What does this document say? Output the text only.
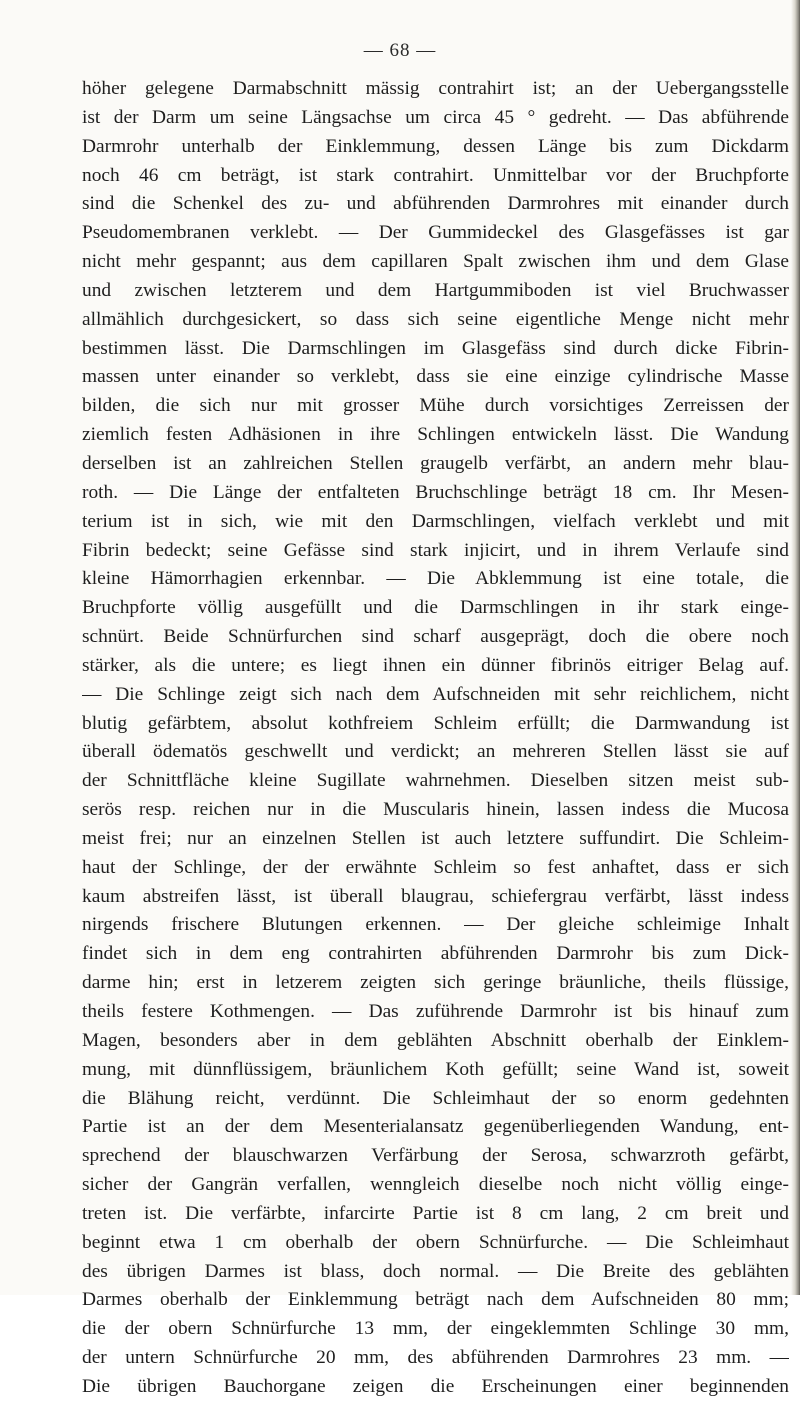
— 68 —
höher gelegene Darmabschnitt mässig contrahirt ist; an der Uebergangsstelle
ist der Darm um seine Längsachse um circa 45 ° gedreht. — Das abführende
Darmrohr unterhalb der Einklemmung, dessen Länge bis zum Dickdarm
noch 46 cm beträgt, ist stark contrahirt. Unmittelbar vor der Bruchpforte
sind die Schenkel des zu- und abführenden Darmrohres mit einander durch
Pseudomembranen verklebt. — Der Gummideckel des Glasgefässes ist gar
nicht mehr gespannt; aus dem capillaren Spalt zwischen ihm und dem Glase
und zwischen letzterem und dem Hartgummiboden ist viel Bruchwasser
allmählich durchgesickert, so dass sich seine eigentliche Menge nicht mehr
bestimmen lässt. Die Darmschlingen im Glasgefäss sind durch dicke Fibrin-
massen unter einander so verklebt, dass sie eine einzige cylindrische Masse
bilden, die sich nur mit grosser Mühe durch vorsichtiges Zerreissen der
ziemlich festen Adhäsionen in ihre Schlingen entwickeln lässt. Die Wandung
derselben ist an zahlreichen Stellen graugelb verfärbt, an andern mehr blau-
roth. — Die Länge der entfalteten Bruchschlinge beträgt 18 cm. Ihr Mesen-
terium ist in sich, wie mit den Darmschlingen, vielfach verklebt und mit
Fibrin bedeckt; seine Gefässe sind stark injicirt, und in ihrem Verlaufe sind
kleine Hämorrhagien erkennbar. — Die Abklemmung ist eine totale, die
Bruchpforte völlig ausgefüllt und die Darmschlingen in ihr stark einge-
schnürt. Beide Schnürfurchen sind scharf ausgeprägt, doch die obere noch
stärker, als die untere; es liegt ihnen ein dünner fibrinös eitriger Belag auf.
— Die Schlinge zeigt sich nach dem Aufschneiden mit sehr reichlichem, nicht
blutig gefärbtem, absolut kothfreiem Schleim erfüllt; die Darmwandung ist
überall ödematös geschwellt und verdickt; an mehreren Stellen lässt sie auf
der Schnittfläche kleine Sugillate wahrnehmen. Dieselben sitzen meist sub-
serös resp. reichen nur in die Muscularis hinein, lassen indess die Mucosa
meist frei; nur an einzelnen Stellen ist auch letztere suffundirt. Die Schleim-
haut der Schlinge, der der erwähnte Schleim so fest anhaftet, dass er sich
kaum abstreifen lässt, ist überall blaugrau, schiefergrau verfärbt, lässt indess
nirgends frischere Blutungen erkennen. — Der gleiche schleimige Inhalt
findet sich in dem eng contrahirten abführenden Darmrohr bis zum Dick-
darme hin; erst in letzerem zeigten sich geringe bräunliche, theils flüssige,
theils festere Kothmengen. — Das zuführende Darmrohr ist bis hinauf zum
Magen, besonders aber in dem geblähten Abschnitt oberhalb der Einklem-
mung, mit dünnflüssigem, bräunlichem Koth gefüllt; seine Wand ist, soweit
die Blähung reicht, verdünnt. Die Schleimhaut der so enorm gedehnten
Partie ist an der dem Mesenterialansatz gegenüberliegenden Wandung, ent-
sprechend der blauschwarzen Verfärbung der Serosa, schwarzroth gefärbt,
sicher der Gangrän verfallen, wenngleich dieselbe noch nicht völlig einge-
treten ist. Die verfärbte, infarcirte Partie ist 8 cm lang, 2 cm breit und
beginnt etwa 1 cm oberhalb der obern Schnürfurche. — Die Schleimhaut
des übrigen Darmes ist blass, doch normal. — Die Breite des geblähten
Darmes oberhalb der Einklemmung beträgt nach dem Aufschneiden 80 mm;
die der obern Schnürfurche 13 mm, der eingeklemmten Schlinge 30 mm,
der untern Schnürfurche 20 mm, des abführenden Darmrohres 23 mm. —
Die übrigen Bauchorgane zeigen die Erscheinungen einer beginnenden
